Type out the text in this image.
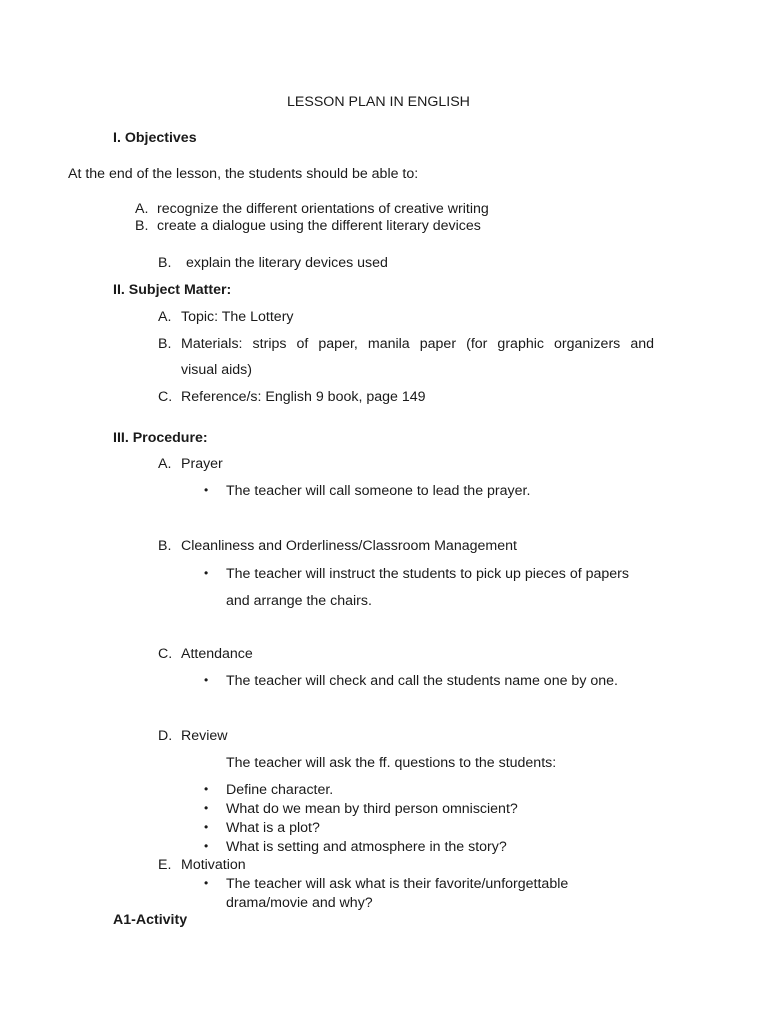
LESSON PLAN IN ENGLISH
I. Objectives
At the end of the lesson, the students should be able to:
A. recognize the different orientations of creative writing
B. create a dialogue using the different literary devices
B. explain the literary devices used
II. Subject Matter:
A. Topic: The Lottery
B. Materials: strips of paper, manila paper (for graphic organizers and
visual aids)
C. Reference/s: English 9 book, page 149
III. Procedure:
A. Prayer
• The teacher will call someone to lead the prayer.
B. Cleanliness and Orderliness/Classroom Management
• The teacher will instruct the students to pick up pieces of papers
and arrange the chairs.
C. Attendance
• The teacher will check and call the students name one by one.
D. Review
The teacher will ask the ff. questions to the students:
• Define character.
• What do we mean by third person omniscient?
• What is a plot?
• What is setting and atmosphere in the story?
E. Motivation
• The teacher will ask what is their favorite/unforgettable
drama/movie and why?
A1-Activity
